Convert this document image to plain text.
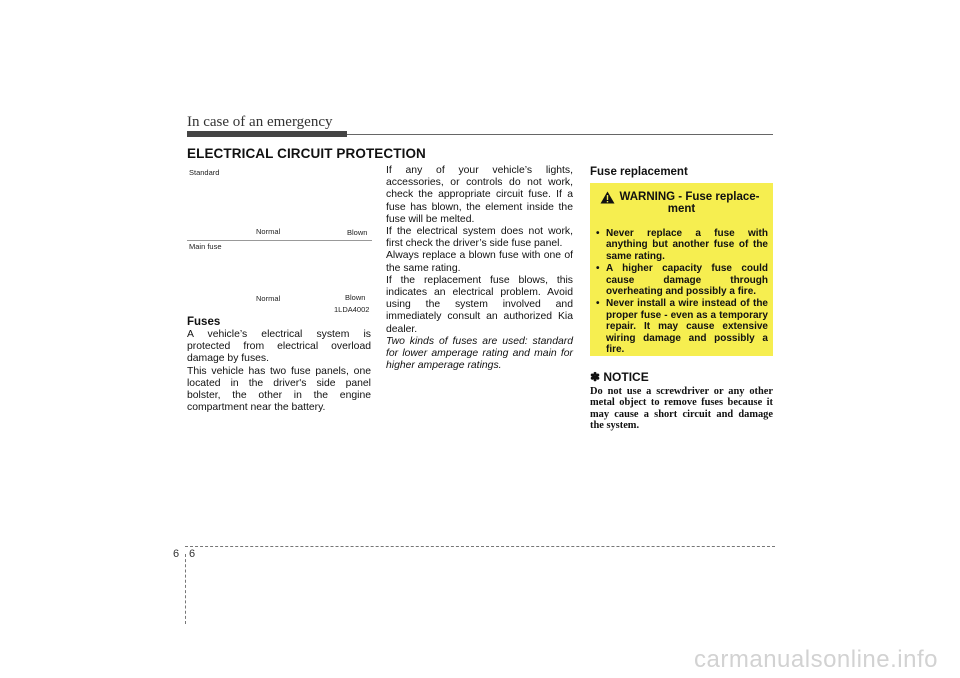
In case of an emergency
ELECTRICAL CIRCUIT PROTECTION
Standard
Normal	Blown
Main fuse
Normal	Blown
1LDA4002

Fuses

A vehicle’s electrical system is protected from electrical overload damage by fuses.

This vehicle has two fuse panels, one located in the driver's side panel bolster, the other in the engine compartment near the battery.

If any of your vehicle’s lights, accessories, or controls do not work, check the appropriate circuit fuse. If a fuse has blown, the element inside the fuse will be melted.

If the electrical system does not work, first check the driver’s side fuse panel.

Always replace a blown fuse with one of the same rating.

If the replacement fuse blows, this indicates an electrical problem. Avoid using the system involved and immediately consult an authorized Kia dealer.

Two kinds of fuses are used: standard for lower amperage rating and main for higher amperage ratings.

Fuse replacement
WARNING - Fuse replace-
ment
• Never replace a fuse with anything but another fuse of the same rating.
• A higher capacity fuse could cause damage through overheating and possibly a fire.
• Never install a wire instead of the proper fuse - even as a temporary repair. It may cause extensive wiring damage and possibly a fire.
✽ NOTICE
Do not use a screwdriver or any other metal object to remove fuses because it may cause a short circuit and damage the system.
6 6
carmanualsonline.info
